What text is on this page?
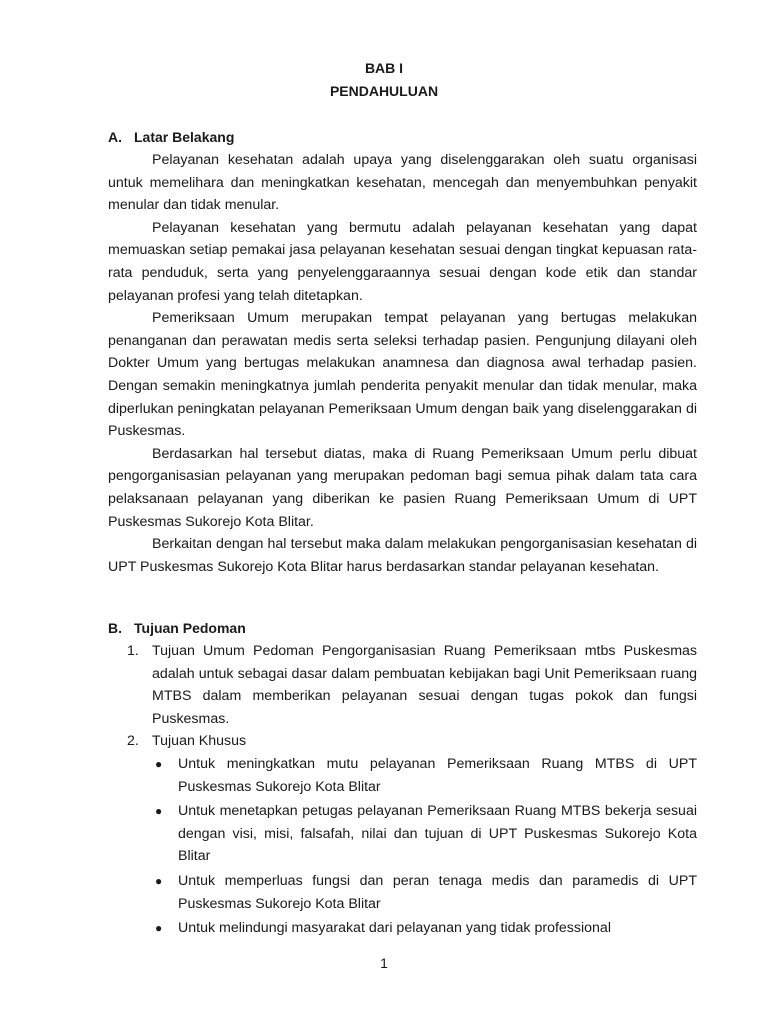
BAB I
PENDAHULUAN
A. Latar Belakang

Pelayanan kesehatan adalah upaya yang diselenggarakan oleh suatu organisasi untuk memelihara dan meningkatkan kesehatan, mencegah dan menyembuhkan penyakit menular dan tidak menular.

Pelayanan kesehatan yang bermutu adalah pelayanan kesehatan yang dapat memuaskan setiap pemakai jasa pelayanan kesehatan sesuai dengan tingkat kepuasan rata-rata penduduk, serta yang penyelenggaraannya sesuai dengan kode etik dan standar pelayanan profesi yang telah ditetapkan.

Pemeriksaan Umum merupakan tempat pelayanan yang bertugas melakukan penanganan dan perawatan medis serta seleksi terhadap pasien. Pengunjung dilayani oleh Dokter Umum yang bertugas melakukan anamnesa dan diagnosa awal terhadap pasien. Dengan semakin meningkatnya jumlah penderita penyakit menular dan tidak menular, maka diperlukan peningkatan pelayanan Pemeriksaan Umum dengan baik yang diselenggarakan di Puskesmas.

Berdasarkan hal tersebut diatas, maka di Ruang Pemeriksaan Umum perlu dibuat pengorganisasian pelayanan yang merupakan pedoman bagi semua pihak dalam tata cara pelaksanaan pelayanan yang diberikan ke pasien Ruang Pemeriksaan Umum di UPT Puskesmas Sukorejo Kota Blitar.

Berkaitan dengan hal tersebut maka dalam melakukan pengorganisasian kesehatan di UPT Puskesmas Sukorejo Kota Blitar harus berdasarkan standar pelayanan kesehatan.

B. Tujuan Pedoman
1. Tujuan Umum Pedoman Pengorganisasian Ruang Pemeriksaan mtbs Puskesmas adalah untuk sebagai dasar dalam pembuatan kebijakan bagi Unit Pemeriksaan ruang MTBS dalam memberikan pelayanan sesuai dengan tugas pokok dan fungsi Puskesmas.
2. Tujuan Khusus
● Untuk meningkatkan mutu pelayanan Pemeriksaan Ruang MTBS di UPT Puskesmas Sukorejo Kota Blitar
● Untuk menetapkan petugas pelayanan Pemeriksaan Ruang MTBS bekerja sesuai dengan visi, misi, falsafah, nilai dan tujuan di UPT Puskesmas Sukorejo Kota Blitar
● Untuk memperluas fungsi dan peran tenaga medis dan paramedis di UPT Puskesmas Sukorejo Kota Blitar
● Untuk melindungi masyarakat dari pelayanan yang tidak professional
1
